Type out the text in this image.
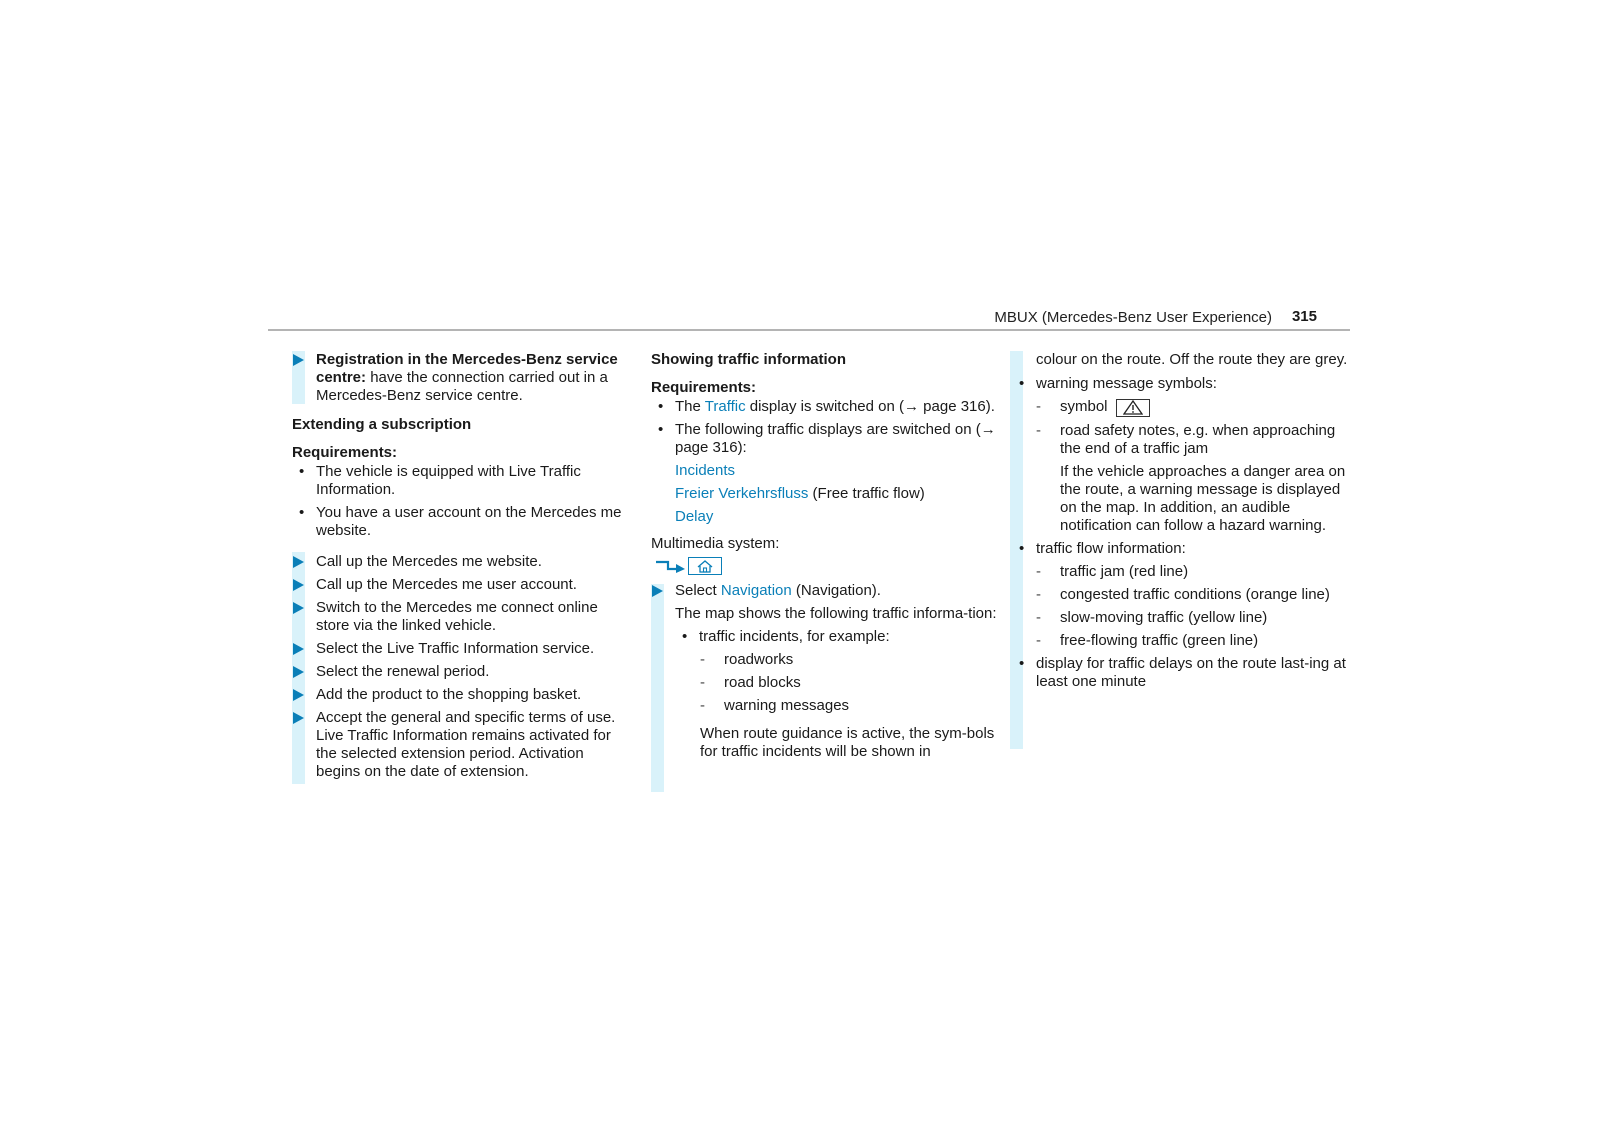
MBUX (Mercedes-Benz User Experience) 315
Registration in the Mercedes-Benz service centre: have the connection carried out in a Mercedes-Benz service centre.
Extending a subscription
Requirements:
• The vehicle is equipped with Live Traffic Information.
• You have a user account on the Mercedes me website.
Call up the Mercedes me website.
Call up the Mercedes me user account.
Switch to the Mercedes me connect online store via the linked vehicle.
Select the Live Traffic Information service.
Select the renewal period.
Add the product to the shopping basket.
Accept the general and specific terms of use. Live Traffic Information remains activated for the selected extension period. Activation begins on the date of extension.
Showing traffic information
Requirements:
• The Traffic display is switched on (→ page 316).
• The following traffic displays are switched on (→ page 316):
Incidents
Freier Verkehrsfluss (Free traffic flow)
Delay
Multimedia system:
Select Navigation (Navigation).
The map shows the following traffic informa-tion:
• traffic incidents, for example:
- roadworks
- road blocks
- warning messages
When route guidance is active, the sym-bols for traffic incidents will be shown in
colour on the route. Off the route they are grey.
• warning message symbols:
- symbol
- road safety notes, e.g. when approaching the end of a traffic jam
If the vehicle approaches a danger area on the route, a warning message is displayed on the map. In addition, an audible notification can follow a hazard warning.
• traffic flow information:
- traffic jam (red line)
- congested traffic conditions (orange line)
- slow-moving traffic (yellow line)
- free-flowing traffic (green line)
• display for traffic delays on the route last-ing at least one minute
